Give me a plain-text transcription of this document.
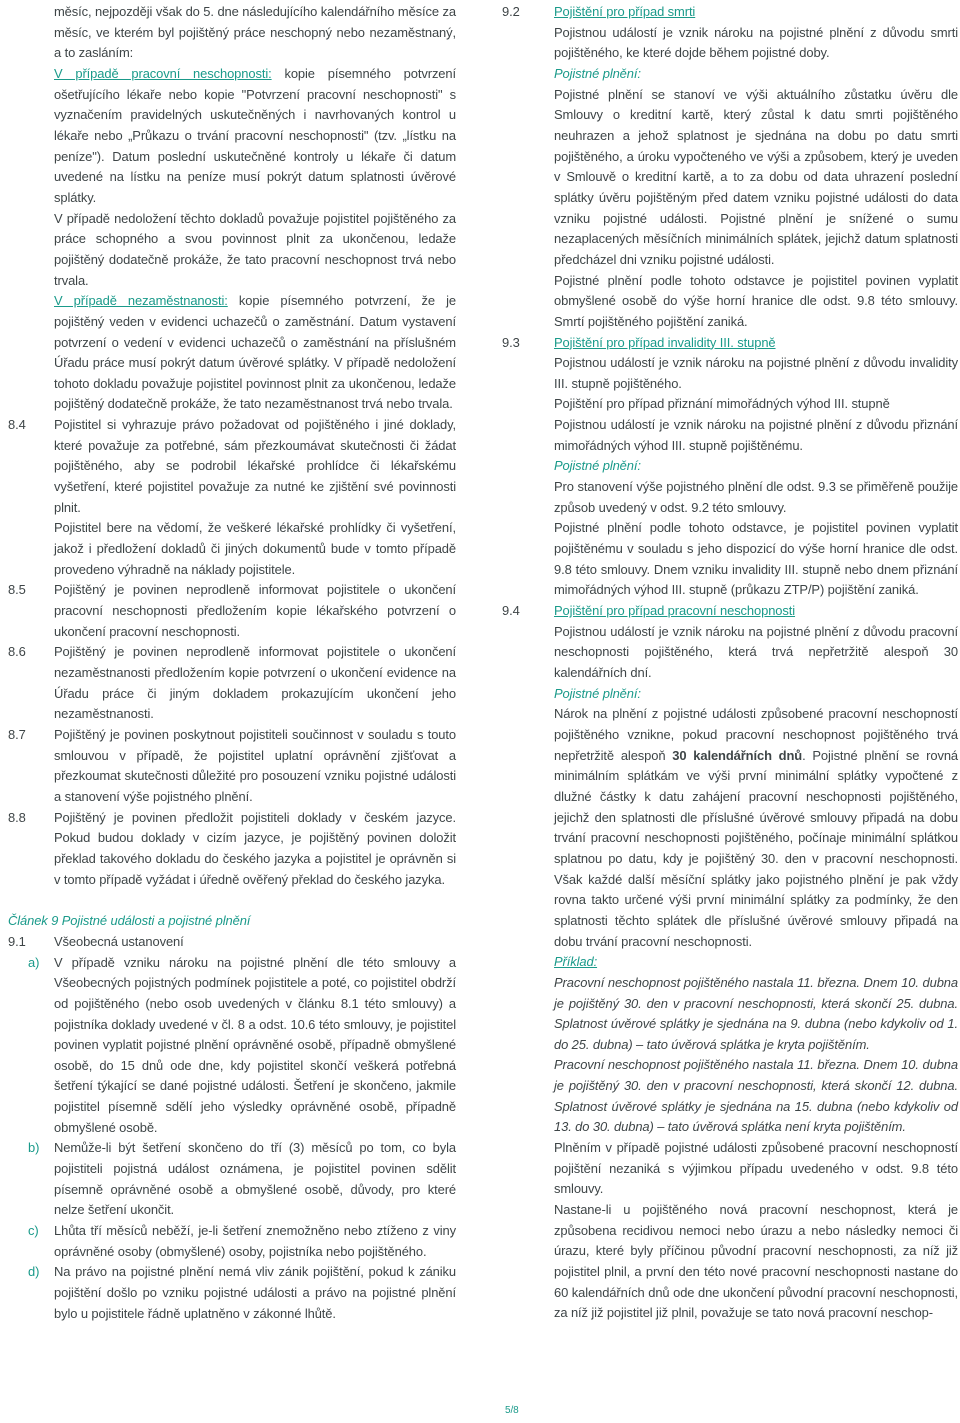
měsíc, nejpozději však do 5. dne následujícího kalendářního měsíce za měsíc, ve kterém byl pojištěný práce neschopný nebo nezaměstnaný, a to zasláním:

V případě pracovní neschopnosti: kopie písemného potvrzení ošetřujícího lékaře nebo kopie "Potvrzení pracovní neschopnosti" s vyznačením pravidelných uskutečněných i navrhovaných kontrol u lékaře nebo „Průkazu o trvání pracovní neschopnosti" (tzv. „lístku na peníze"). Datum poslední uskutečněné kontroly u lékaře či datum uvedené na lístku na peníze musí pokrýt datum splatnosti úvěrové splátky.

V případě nedoložení těchto dokladů považuje pojistitel pojištěného za práce schopného a svou povinnost plnit za ukončenou, ledaže pojištěný dodatečně prokáže, že tato pracovní neschopnost trvá nebo trvala.

V případě nezaměstnanosti: kopie písemného potvrzení, že je pojištěný veden v evidenci uchazečů o zaměstnání. Datum vystavení potvrzení o vedení v evidenci uchazečů o zaměstnání na příslušném Úřadu práce musí pokrýt datum úvěrové splátky. V případě nedoložení tohoto dokladu považuje pojistitel povinnost plnit za ukončenou, ledaže pojištěný dodatečně prokáže, že tato nezaměstnanost trvá nebo trvala.

8.4	Pojistitel si vyhrazuje právo požadovat od pojištěného i jiné doklady, které považuje za potřebné, sám přezkoumávat skutečnosti či žádat pojištěného, aby se podrobil lékařské prohlídce či lékařskému vyšetření, které pojistitel považuje za nutné ke zjištění své povinnosti plnit.

Pojistitel bere na vědomí, že veškeré lékařské prohlídky či vyšetření, jakož i předložení dokladů či jiných dokumentů bude v tomto případě provedeno výhradně na náklady pojistitele.

8.5	Pojištěný je povinen neprodleně informovat pojistitele o ukončení pracovní neschopnosti předložením kopie lékařského potvrzení o ukončení pracovní neschopnosti.

8.6	Pojištěný je povinen neprodleně informovat pojistitele o ukončení nezaměstnanosti předložením kopie potvrzení o ukončení evidence na Úřadu práce či jiným dokladem prokazujícím ukončení jeho nezaměstnanosti.

8.7	Pojištěný je povinen poskytnout pojistiteli součinnost v souladu s touto smlouvou v případě, že pojistitel uplatní oprávnění zjišťovat a přezkoumat skutečnosti důležité pro posouzení vzniku pojistné události a stanovení výše pojistného plnění.

8.8	Pojištěný je povinen předložit pojistiteli doklady v českém jazyce. Pokud budou doklady v cizím jazyce, je pojištěný povinen doložit překlad takového dokladu do českého jazyka a pojistitel je oprávněn si v tomto případě vyžádat i úředně ověřený překlad do českého jazyka.

Článek 9 Pojistné události a pojistné plnění

9.1	Všeobecná ustanovení
a)	V případě vzniku nároku na pojistné plnění dle této smlouvy a Všeobecných pojistných podmínek pojistitele a poté, co pojistitel obdrží od pojištěného (nebo osob uvedených v článku 8.1 této smlouvy) a pojistníka doklady uvedené v čl. 8 a odst. 10.6 této smlouvy, je pojistitel povinen vyplatit pojistné plnění oprávněné osobě, případně obmyšlené osobě, do 15 dnů ode dne, kdy pojistitel skončí veškerá potřebná šetření týkající se dané pojistné události. Šetření je skončeno, jakmile pojistitel písemně sdělí jeho výsledky oprávněné osobě, případně obmyšlené osobě.
b)	Nemůže-li být šetření skončeno do tří (3) měsíců po tom, co byla pojistiteli pojistná událost oznámena, je pojistitel povinen sdělit písemně oprávněné osobě a obmyšlené osobě, důvody, pro které nelze šetření ukončit.
c)	Lhůta tří měsíců neběží, je-li šetření znemožněno nebo ztíženo z viny oprávněné osoby (obmyšlené) osoby, pojistníka nebo pojištěného.
d)	Na právo na pojistné plnění nemá vliv zánik pojištění, pokud k zániku pojištění došlo po vzniku pojistné události a právo na pojistné plnění bylo u pojistitele řádně uplatněno v zákonné lhůtě.
9.2	Pojištění pro případ smrti

Pojistnou událostí je vznik nároku na pojistné plnění z důvodu smrti pojištěného, ke které dojde během pojistné doby.

Pojistné plnění:

Pojistné plnění se stanoví ve výši aktuálního zůstatku úvěru dle Smlouvy o kreditní kartě, který zůstal k datu smrti pojištěného neuhrazen a jehož splatnost je sjednána na dobu po datu smrti pojištěného, a úroku vypočteného ve výši a způsobem, který je uveden v Smlouvě o kreditní kartě, a to za dobu od data uhrazení poslední splátky úvěru pojištěným před datem vzniku pojistné události do data vzniku pojistné události. Pojistné plnění je snížené o sumu nezaplacených měsíčních minimálních splátek, jejichž datum splatnosti předcházel dni vzniku pojistné události.

Pojistné plnění podle tohoto odstavce je pojistitel povinen vyplatit obmyšlené osobě do výše horní hranice dle odst. 9.8 této smlouvy. Smrtí pojištěného pojištění zaniká.

9.3	Pojištění pro případ invalidity III. stupně

Pojistnou událostí je vznik nároku na pojistné plnění z důvodu invalidity III. stupně pojištěného.

Pojištění pro případ přiznání mimořádných výhod III. stupně

Pojistnou událostí je vznik nároku na pojistné plnění z důvodu přiznání mimořádných výhod III. stupně pojištěnému.

Pojistné plnění:

Pro stanovení výše pojistného plnění dle odst. 9.3 se přiměřeně použije způsob uvedený v odst. 9.2 této smlouvy.

Pojistné plnění podle tohoto odstavce, je pojistitel povinen vyplatit pojištěnému v souladu s jeho dispozicí do výše horní hranice dle odst. 9.8 této smlouvy. Dnem vzniku invalidity III. stupně nebo dnem přiznání mimořádných výhod III. stupně (průkazu ZTP/P) pojištění zaniká.

9.4	Pojištění pro případ pracovní neschopnosti

Pojistnou událostí je vznik nároku na pojistné plnění z důvodu pracovní neschopnosti pojištěného, která trvá nepřetržitě alespoň 30 kalendářních dní.

Pojistné plnění:

Nárok na plnění z pojistné události způsobené pracovní neschopností pojištěného vznikne, pokud pracovní neschopnost pojištěného trvá nepřetržitě alespoň 30 kalendářních dnů. Pojistné plnění se rovná minimálním splátkám ve výši první minimální splátky vypočtené z dlužné částky k datu zahájení pracovní neschopnosti pojištěného, jejichž den splatnosti dle příslušné úvěrové smlouvy připadá na dobu trvání pracovní neschopnosti pojištěného, počínaje minimální splátkou splatnou po datu, kdy je pojištěný 30. den v pracovní neschopnosti. Však každé další měsíční splátky jako pojistného plnění je pak vždy rovna takto určené výši první minimální splátky za podmínky, že den splatnosti těchto splátek dle příslušné úvěrové smlouvy připadá na dobu trvání pracovní neschopnosti.

Příklad:

Pracovní neschopnost pojištěného nastala 11. března. Dnem 10. dubna je pojištěný 30. den v pracovní neschopnosti, která skončí 25. dubna. Splatnost úvěrové splátky je sjednána na 9. dubna (nebo kdykoliv od 1. do 25. dubna) – tato úvěrová splátka je kryta pojištěním.

Pracovní neschopnost pojištěného nastala 11. března. Dnem 10. dubna je pojištěný 30. den v pracovní neschopnosti, která skončí 12. dubna. Splatnost úvěrové splátky je sjednána na 15. dubna (nebo kdykoliv od 13. do 30. dubna) – tato úvěrová splátka není kryta pojištěním.

Plněním v případě pojistné události způsobené pracovní neschopností pojištění nezaniká s výjimkou případu uvedeného v odst. 9.8 této smlouvy.

Nastane-li u pojištěného nová pracovní neschopnost, která je způsobena recidivou nemoci nebo úrazu a nebo následky nemoci či úrazu, které byly příčinou původní pracovní neschopnosti, za níž již pojistitel plnil, a první den této nové pracovní neschopnosti nastane do 60 kalendářních dnů ode dne ukončení původní pracovní neschopnosti, za níž již pojistitel již plnil, považuje se tato nová pracovní neschop-

5/8
